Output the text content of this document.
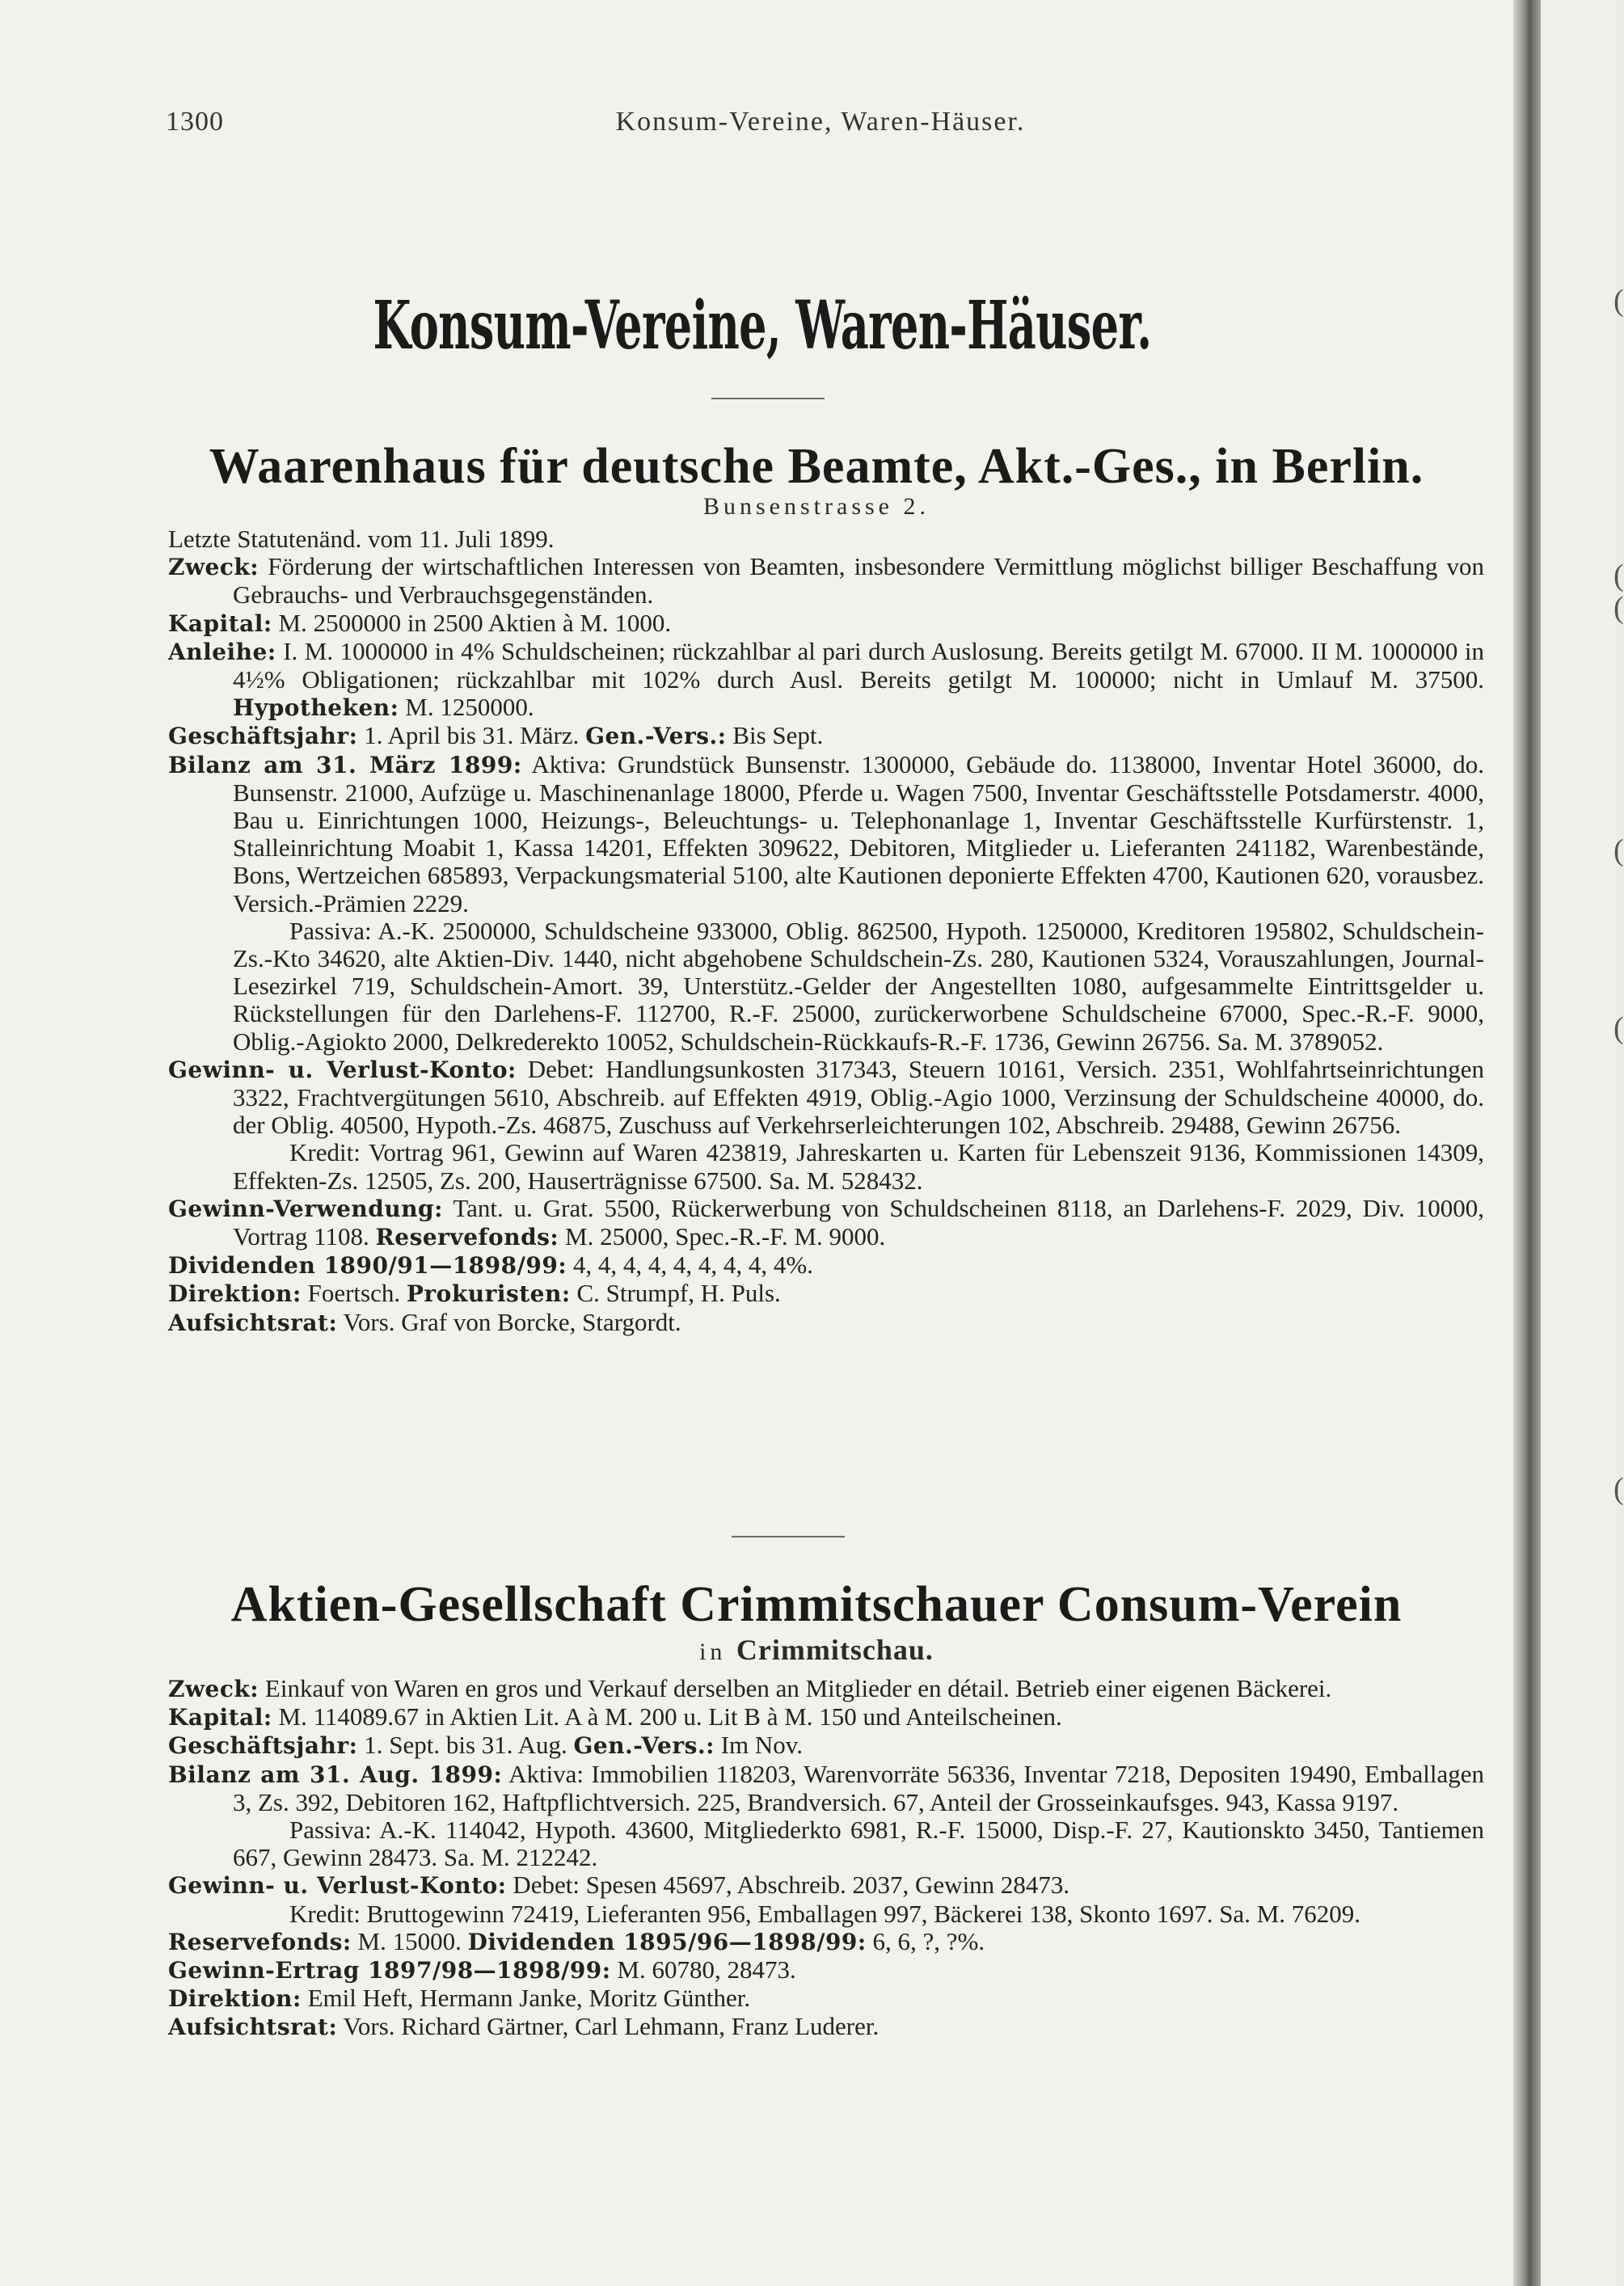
1300	Konsum-Vereine, Waren-Häuser.
Konsum-Vereine, Waren-Häuser.
Waarenhaus für deutsche Beamte, Akt.-Ges., in Berlin.
Bunsenstrasse 2.

Letzte Statutenänd. vom 11. Juli 1899.

Zweck: Förderung der wirtschaftlichen Interessen von Beamten, insbesondere Vermittlung möglichst billiger Beschaffung von Gebrauchs- und Verbrauchsgegenständen.

Kapital: M. 2500000 in 2500 Aktien à M. 1000.

Anleihe: I. M. 1000000 in 4% Schuldscheinen; rückzahlbar al pari durch Auslosung. Bereits getilgt M. 67000. II M. 1000000 in 4½% Obligationen; rückzahlbar mit 102% durch Ausl. Bereits getilgt M. 100000; nicht in Umlauf M. 37500. Hypotheken: M. 1250000.

Geschäftsjahr: 1. April bis 31. März. Gen.-Vers.: Bis Sept.

Bilanz am 31. März 1899: Aktiva: Grundstück Bunsenstr. 1300000, Gebäude do. 1138000, Inventar Hotel 36000, do. Bunsenstr. 21000, Aufzüge u. Maschinenanlage 18000, Pferde u. Wagen 7500, Inventar Geschäftsstelle Potsdamerstr. 4000, Bau u. Einrichtungen 1000, Heizungs-, Beleuchtungs- u. Telephonanlage 1, Inventar Geschäftsstelle Kurfürstenstr. 1, Stalleinrichtung Moabit 1, Kassa 14201, Effekten 309622, Debitoren, Mitglieder u. Lieferanten 241182, Warenbestände, Bons, Wertzeichen 685893, Verpackungsmaterial 5100, alte Kautionen deponierte Effekten 4700, Kautionen 620, vorausbez. Versich.-Prämien 2229.

Passiva: A.-K. 2500000, Schuldscheine 933000, Oblig. 862500, Hypoth. 1250000, Kreditoren 195802, Schuldschein-Zs.-Kto 34620, alte Aktien-Div. 1440, nicht abgehobene Schuldschein-Zs. 280, Kautionen 5324, Vorauszahlungen, Journal-Lesezirkel 719, Schuldschein-Amort. 39, Unterstütz.-Gelder der Angestellten 1080, aufgesammelte Eintrittsgelder u. Rückstellungen für den Darlehens-F. 112700, R.-F. 25000, zurückerworbene Schuldscheine 67000, Spec.-R.-F. 9000, Oblig.-Agiokto 2000, Delkrederekto 10052, Schuldschein-Rückkaufs-R.-F. 1736, Gewinn 26756. Sa. M. 3789052.

Gewinn- u. Verlust-Konto: Debet: Handlungsunkosten 317343, Steuern 10161, Versich. 2351, Wohlfahrtseinrichtungen 3322, Frachtvergütungen 5610, Abschreib. auf Effekten 4919, Oblig.-Agio 1000, Verzinsung der Schuldscheine 40000, do. der Oblig. 40500, Hypoth.-Zs. 46875, Zuschuss auf Verkehrserleichterungen 102, Abschreib. 29488, Gewinn 26756.

Kredit: Vortrag 961, Gewinn auf Waren 423819, Jahreskarten u. Karten für Lebenszeit 9136, Kommissionen 14309, Effekten-Zs. 12505, Zs. 200, Hauserträgnisse 67500. Sa. M. 528432.

Gewinn-Verwendung: Tant. u. Grat. 5500, Rückerwerbung von Schuldscheinen 8118, an Darlehens-F. 2029, Div. 10000, Vortrag 1108. Reservefonds: M. 25000, Spec.-R.-F. M. 9000.

Dividenden 1890/91—1898/99: 4, 4, 4, 4, 4, 4, 4, 4, 4%.

Direktion: Foertsch. Prokuristen: C. Strumpf, H. Puls.

Aufsichtsrat: Vors. Graf von Borcke, Stargordt.

Aktien-Gesellschaft Crimmitschauer Consum-Verein
in Crimmitschau.

Zweck: Einkauf von Waren en gros und Verkauf derselben an Mitglieder en détail. Betrieb einer eigenen Bäckerei.

Kapital: M. 114089.67 in Aktien Lit. A à M. 200 u. Lit B à M. 150 und Anteilscheinen.

Geschäftsjahr: 1. Sept. bis 31. Aug. Gen.-Vers.: Im Nov.

Bilanz am 31. Aug. 1899: Aktiva: Immobilien 118203, Warenvorräte 56336, Inventar 7218, Depositen 19490, Emballagen 3, Zs. 392, Debitoren 162, Haftpflichtversich. 225, Brandversich. 67, Anteil der Grosseinkaufsges. 943, Kassa 9197.

Passiva: A.-K. 114042, Hypoth. 43600, Mitgliederkto 6981, R.-F. 15000, Disp.-F. 27, Kautionskto 3450, Tantiemen 667, Gewinn 28473. Sa. M. 212242.

Gewinn- u. Verlust-Konto: Debet: Spesen 45697, Abschreib. 2037, Gewinn 28473.

Kredit: Bruttogewinn 72419, Lieferanten 956, Emballagen 997, Bäckerei 138, Skonto 1697. Sa. M. 76209.

Reservefonds: M. 15000. Dividenden 1895/96—1898/99: 6, 6, ?, ?%.

Gewinn-Ertrag 1897/98—1898/99: M. 60780, 28473.

Direktion: Emil Heft, Hermann Janke, Moritz Günther.

Aufsichtsrat: Vors. Richard Gärtner, Carl Lehmann, Franz Luderer.

(
(
(
(
(
(
